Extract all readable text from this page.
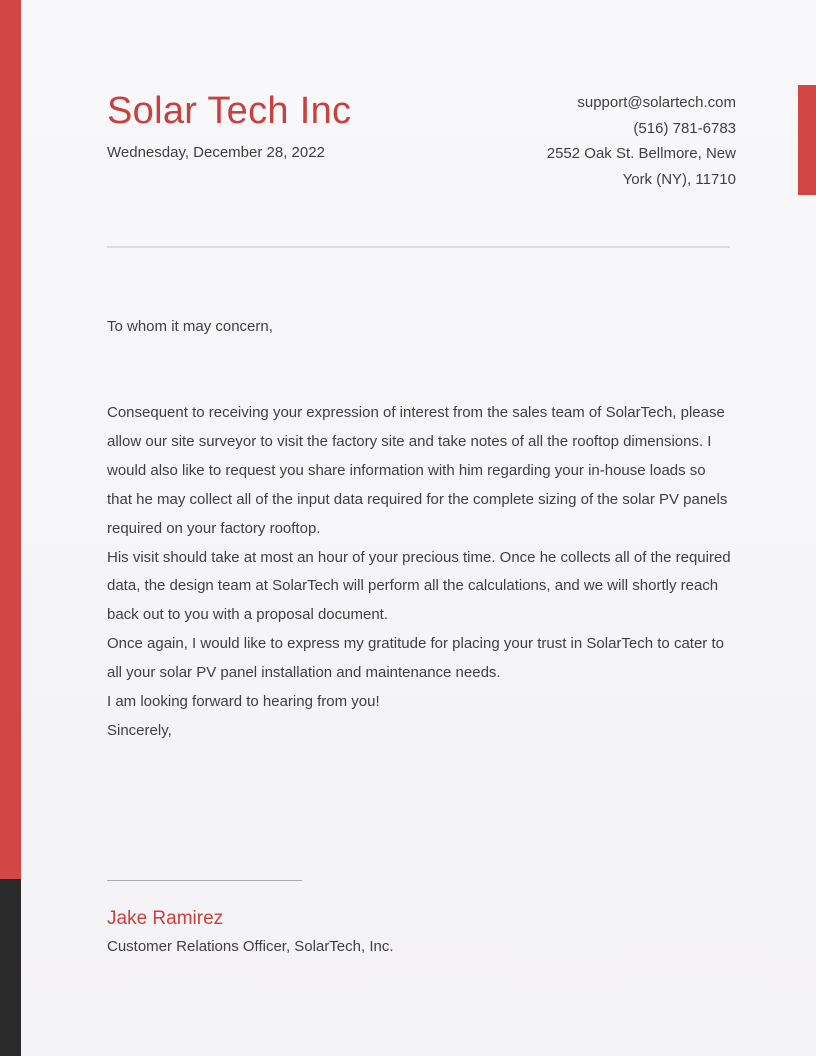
Solar Tech Inc
Wednesday, December 28, 2022
support@solartech.com
(516) 781-6783
2552 Oak St. Bellmore, New
York (NY), 11710
To whom it may concern,

Consequent to receiving your expression of interest from the sales team of SolarTech, please allow our site surveyor to visit the factory site and take notes of all the rooftop dimensions. I would also like to request you share information with him regarding your in-house loads so that he may collect all of the input data required for the complete sizing of the solar PV panels required on your factory rooftop.

His visit should take at most an hour of your precious time. Once he collects all of the required data, the design team at SolarTech will perform all the calculations, and we will shortly reach back out to you with a proposal document.

Once again, I would like to express my gratitude for placing your trust in SolarTech to cater to all your solar PV panel installation and maintenance needs.

I am looking forward to hearing from you!

Sincerely,

Jake Ramirez
Customer Relations Officer, SolarTech, Inc.
